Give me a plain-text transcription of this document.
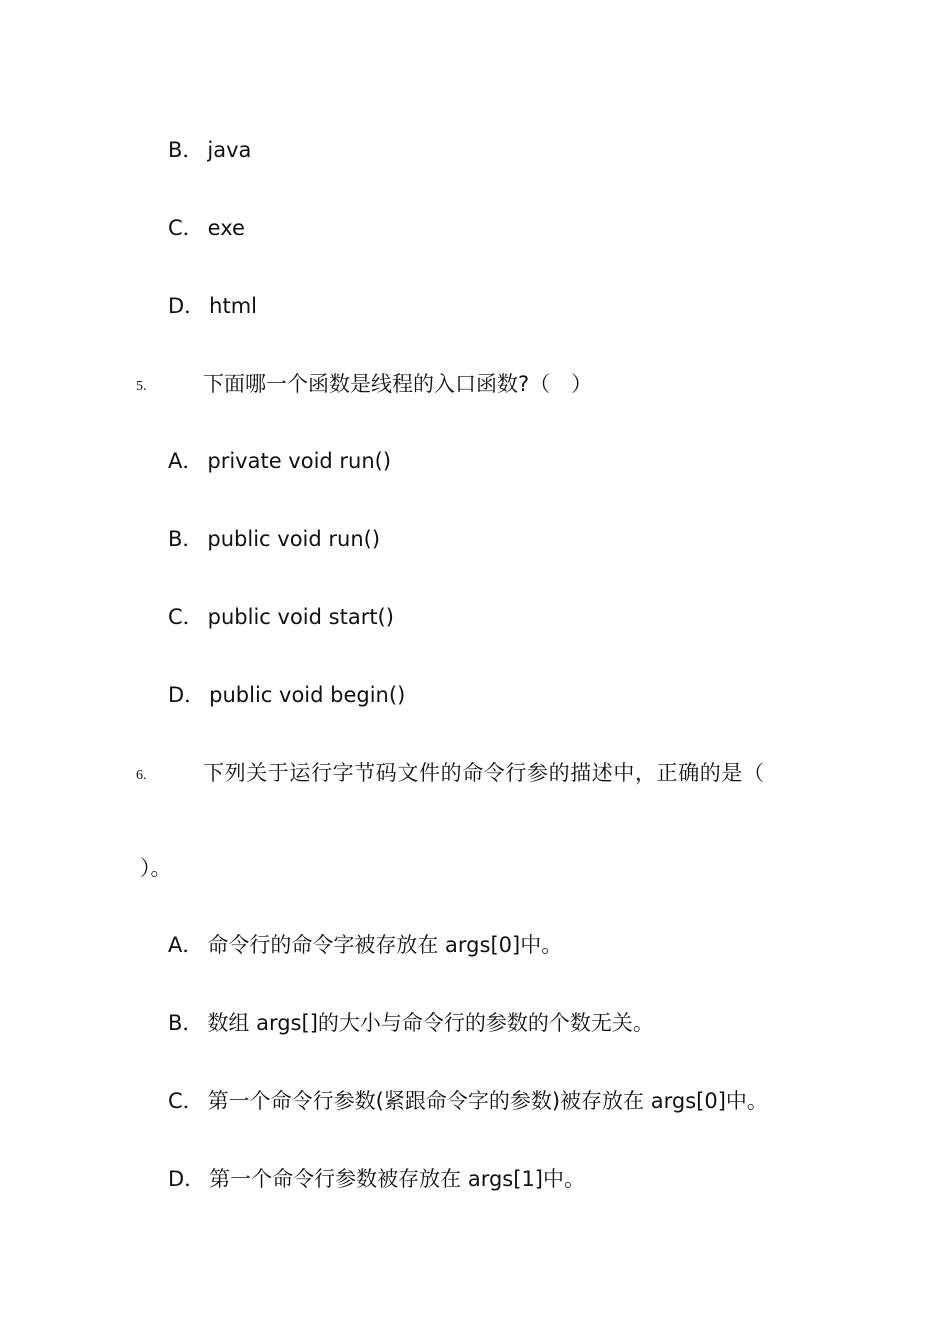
B． java
C． exe
D． html
5.	下面哪一个函数是线程的入口函数?（　）
A． private void run()
B． public void run()
C． public void start()
D． public void begin()
6.	下列关于运行字节码文件的命令行参的描述中，正确的是（
）。
A． 命令行的命令字被存放在 args[0]中。
B． 数组 args[]的大小与命令行的参数的个数无关。
C． 第一个命令行参数(紧跟命令字的参数)被存放在 args[0]中。
D． 第一个命令行参数被存放在 args[1]中。
